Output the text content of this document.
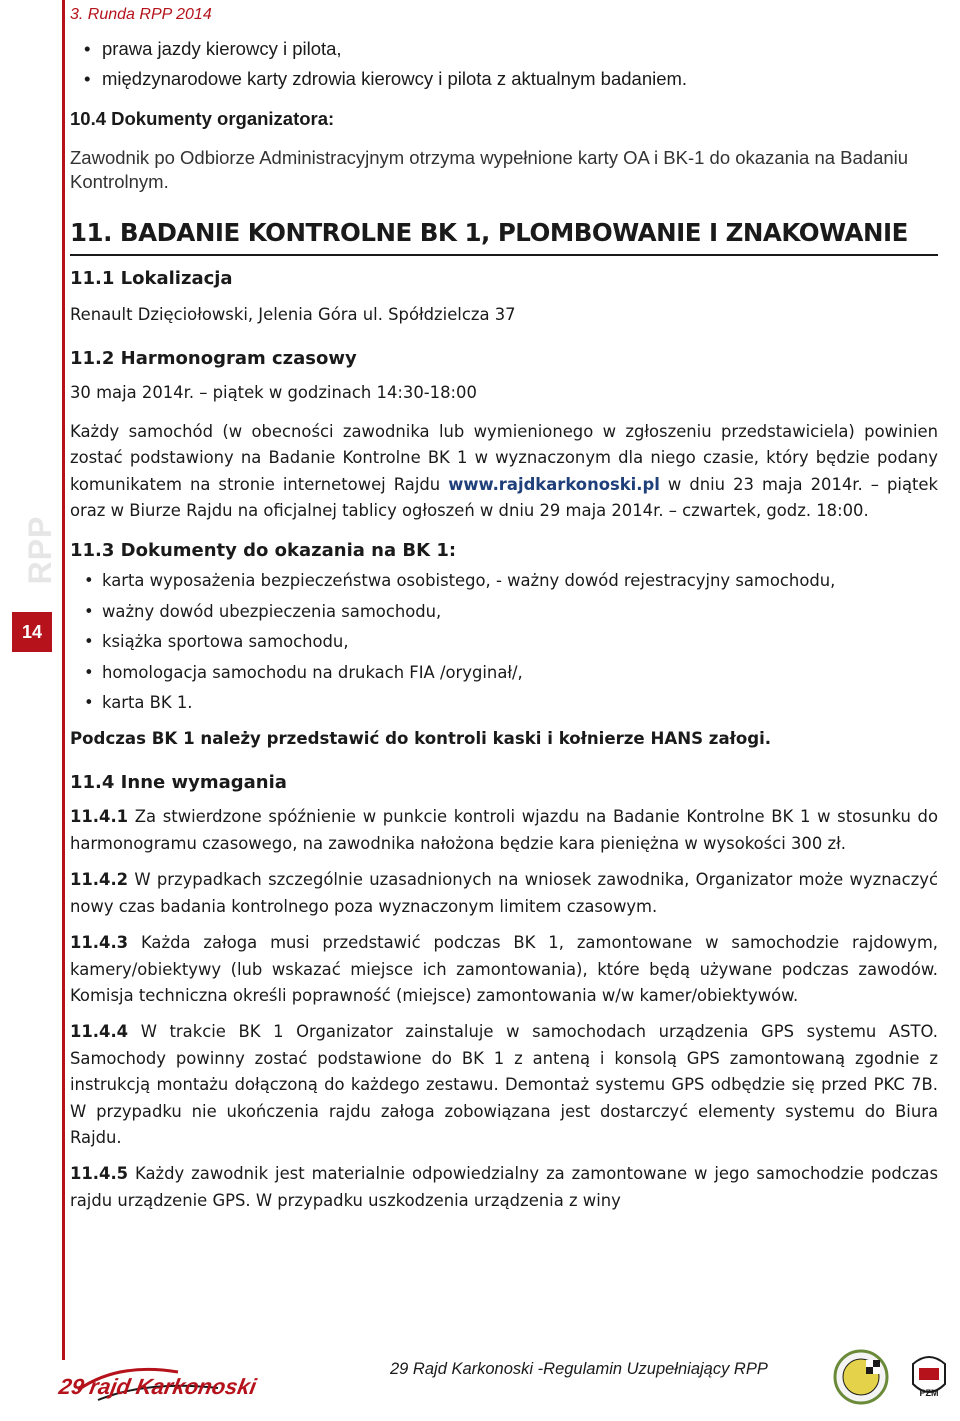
3. Runda RPP 2014
RPP
14
• prawa jazdy kierowcy i pilota,
• międzynarodowe karty zdrowia kierowcy i pilota z aktualnym badaniem.
10.4 Dokumenty organizatora:
Zawodnik po Odbiorze Administracyjnym otrzyma wypełnione karty OA i BK-1 do okazania na Badaniu Kontrolnym.
11. BADANIE KONTROLNE BK 1, PLOMBOWANIE I ZNAKOWANIE
11.1 Lokalizacja
Renault Dzięciołowski, Jelenia Góra ul. Spółdzielcza 37
11.2 Harmonogram czasowy
30 maja 2014r. – piątek w godzinach 14:30-18:00
Każdy samochód (w obecności zawodnika lub wymienionego w zgłoszeniu przedstawiciela) powinien zostać podstawiony na Badanie Kontrolne BK 1 w wyznaczonym dla niego czasie, który będzie podany komunikatem na stronie internetowej Rajdu www.rajdkarkonoski.pl w dniu 23 maja 2014r. – piątek oraz w Biurze Rajdu na oficjalnej tablicy ogłoszeń w dniu 29 maja 2014r. – czwartek, godz. 18:00.
11.3 Dokumenty do okazania na BK 1:
• karta wyposażenia bezpieczeństwa osobistego, - ważny dowód rejestracyjny samochodu,
• ważny dowód ubezpieczenia samochodu,
• książka sportowa samochodu,
• homologacja samochodu na drukach FIA /oryginał/,
• karta BK 1.
Podczas BK 1 należy przedstawić do kontroli kaski i kołnierze HANS załogi.
11.4 Inne wymagania
11.4.1 Za stwierdzone spóźnienie w punkcie kontroli wjazdu na Badanie Kontrolne BK 1 w stosunku do harmonogramu czasowego, na zawodnika nałożona będzie kara pieniężna w wysokości 300 zł.
11.4.2 W przypadkach szczególnie uzasadnionych na wniosek zawodnika, Organizator może wyznaczyć nowy czas badania kontrolnego poza wyznaczonym limitem czasowym.
11.4.3 Każda załoga musi przedstawić podczas BK 1, zamontowane w samochodzie rajdowym, kamery/obiektywy (lub wskazać miejsce ich zamontowania), które będą używane podczas zawodów. Komisja techniczna określi poprawność (miejsce) zamontowania w/w kamer/obiektywów.
11.4.4 W trakcie BK 1 Organizator zainstaluje w samochodach urządzenia GPS systemu ASTO. Samochody powinny zostać podstawione do BK 1 z anteną i konsolą GPS zamontowaną zgodnie z instrukcją montażu dołączoną do każdego zestawu. Demontaż systemu GPS odbędzie się przed PKC 7B. W przypadku nie ukończenia rajdu załoga zobowiązana jest dostarczyć elementy systemu do Biura Rajdu.
11.4.5 Każdy zawodnik jest materialnie odpowiedzialny za zamontowane w jego samochodzie podczas rajdu urządzenie GPS. W przypadku uszkodzenia urządzenia z winy
29 rajd Karkonoski
29 Rajd Karkonoski -Regulamin Uzupełniający RPP
PZM
